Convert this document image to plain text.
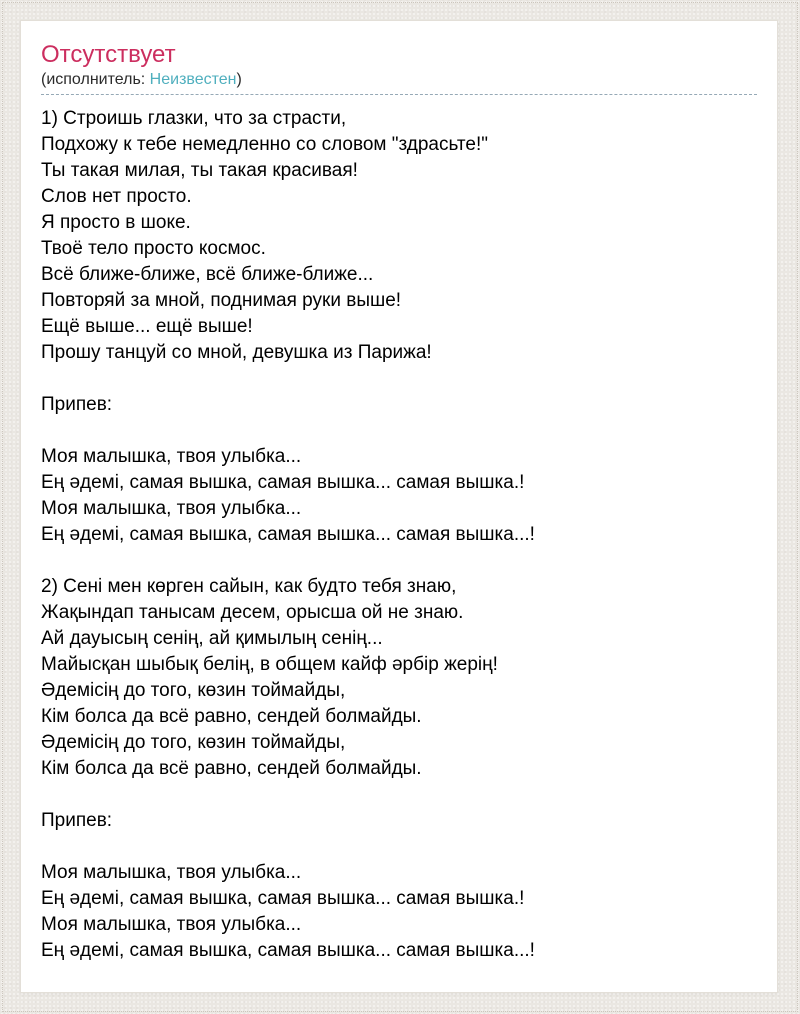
Отсутствует
(исполнитель: Неизвестен)
1) Строишь глазки, что за страсти,
Подхожу к тебе немедленно со словом "здрасьте!"
Ты такая милая, ты такая красивая!
Слов нет просто.
Я просто в шоке.
Твоё тело просто космос.
Всё ближе-ближе, всё ближе-ближе...
Повторяй за мной, поднимая руки выше!
Ещё выше... ещё выше!
Прошу танцуй со мной, девушка из Парижа!

Припев:

Моя малышка, твоя улыбка...
Ең әдемі, самая вышка, самая вышка... самая вышка.!
Моя малышка, твоя улыбка...
Ең әдемі, самая вышка, самая вышка... самая вышка...!

2) Сені мен көрген сайын, как будто тебя знаю,
Жақындап танысам десем, орысша ой не знаю.
Ай дауысың сенің, ай қимылың сенің...
Майысқан шыбық белің, в общем кайф әрбір жерің!
Әдемісің до того, көзин тоймайды,
Кім болса да всё равно, сендей болмайды.
Әдемісің до того, көзин тоймайды,
Кім болса да всё равно, сендей болмайды.

Припев:

Моя малышка, твоя улыбка...
Ең әдемі, самая вышка, самая вышка... самая вышка.!
Моя малышка, твоя улыбка...
Ең әдемі, самая вышка, самая вышка... самая вышка...!
